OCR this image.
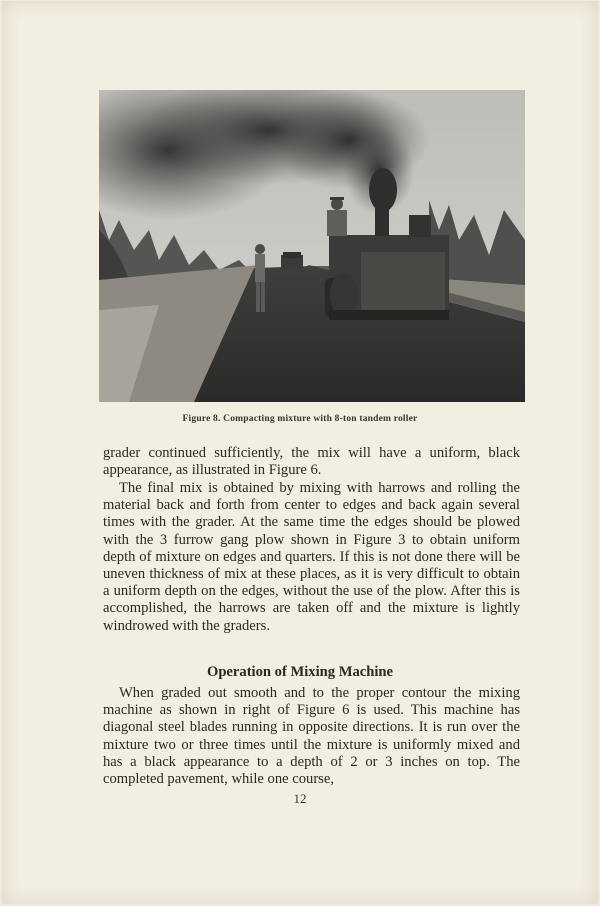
Figure 8. Compacting mixture with 8-ton tandem roller

grader continued sufficiently, the mix will have a uniform, black appearance, as illustrated in Figure 6.

The final mix is obtained by mixing with harrows and rolling the material back and forth from center to edges and back again several times with the grader. At the same time the edges should be plowed with the 3 furrow gang plow shown in Figure 3 to obtain uniform depth of mixture on edges and quarters. If this is not done there will be uneven thickness of mix at these places, as it is very difficult to obtain a uniform depth on the edges, without the use of the plow. After this is accomplished, the harrows are taken off and the mixture is lightly windrowed with the graders.

Operation of Mixing Machine

When graded out smooth and to the proper contour the mixing machine as shown in right of Figure 6 is used. This machine has diagonal steel blades running in opposite directions. It is run over the mixture two or three times until the mixture is uniformly mixed and has a black appearance to a depth of 2 or 3 inches on top. The completed pavement, while one course,

12
